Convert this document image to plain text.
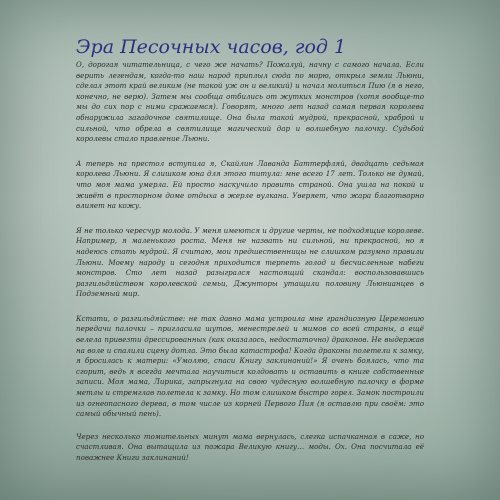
Эра Песочных часов, год 1

О, дорогая читательница, с чего же начать? Пожалуй, начну с самого начала. Если верить легендам, когда-то наш народ приплыл сюда по морю, открыл земли Льюни, сделал этот край великим (не такой уж он и великий) и начал молиться Пию (я в него, конечно, не верю). Затем мы сообща отбились от жутких монстров (хотя вообще-то мы до сих пор с ними сражаемся). Говорят, много лет назад самая первая королева обнаружила загадочное святилище. Она была такой мудрой, прекрасной, храброй и сильной, что обрела в святилище магический дар и волшебную палочку. Судьбой королевы стало правление Льюни.

А теперь на престол вступила я, Скайлин Лаванда Баттерфляй, двадцать седьмая королева Льюни. Я слишком юна для этого титула: мне всего 17 лет. Только не думай, что моя мама умерла. Ей просто наскучило править страной. Она ушла на покой и живёт в просторном доме отдыха в жерле вулкана. Уверяет, что жара благотворно влияет на кожу.

Я не только чересчур молода. У меня имеются и другие черты, не подходящие королеве. Например, я маленького роста. Меня не назвать ни сильной, ни прекрасной, но я надеюсь стать мудрой. Я считаю, мои предшественницы не слишком разумно правили Льюни. Моему народу и сегодня приходится терпеть голод и бесчисленные набеги монстров. Сто лет назад разыгрался настоящий скандал: воспользовавшись разгильдяйством королевской семьи, Джунторы утащили половину Льюнианцев в Подземный мир.

Кстати, о разгильдяйстве: не так давно мама устроила мне грандиозную Церемонию передачи палочки – пригласила шутов, менестрелей и мимов со всей страны, а ещё велела привезти дрессированных (как оказалось, недостаточно) драконов. Не выдержав на воле и спалили сцену дотла. Это была катастрофа! Когда драконы полетели к замку, я бросилась к матери: «Умоляю, спаси Книгу заклинаний!» Я очень боялась, что та сгорит, ведь я всегда мечтала научиться колдовать и оставить в книге собственные записи. Моя мама, Лирика, запрыгнула на свою чудесную волшебную палочку в форме метлы и стремглав полетела к замку. Но том слишком быстро горел. Замок построили из огнеопасного дерева, в том числе из корней Первого Пия (я оставлю при своём: это самый обычный пень).

Через несколько томительных минут мама вернулась, слегка испачканная в саже, но счастливая. Она вытащила из пожара Великую книгу… моды. Ох. Она посчитала её поважнее Книги заклинаний!
